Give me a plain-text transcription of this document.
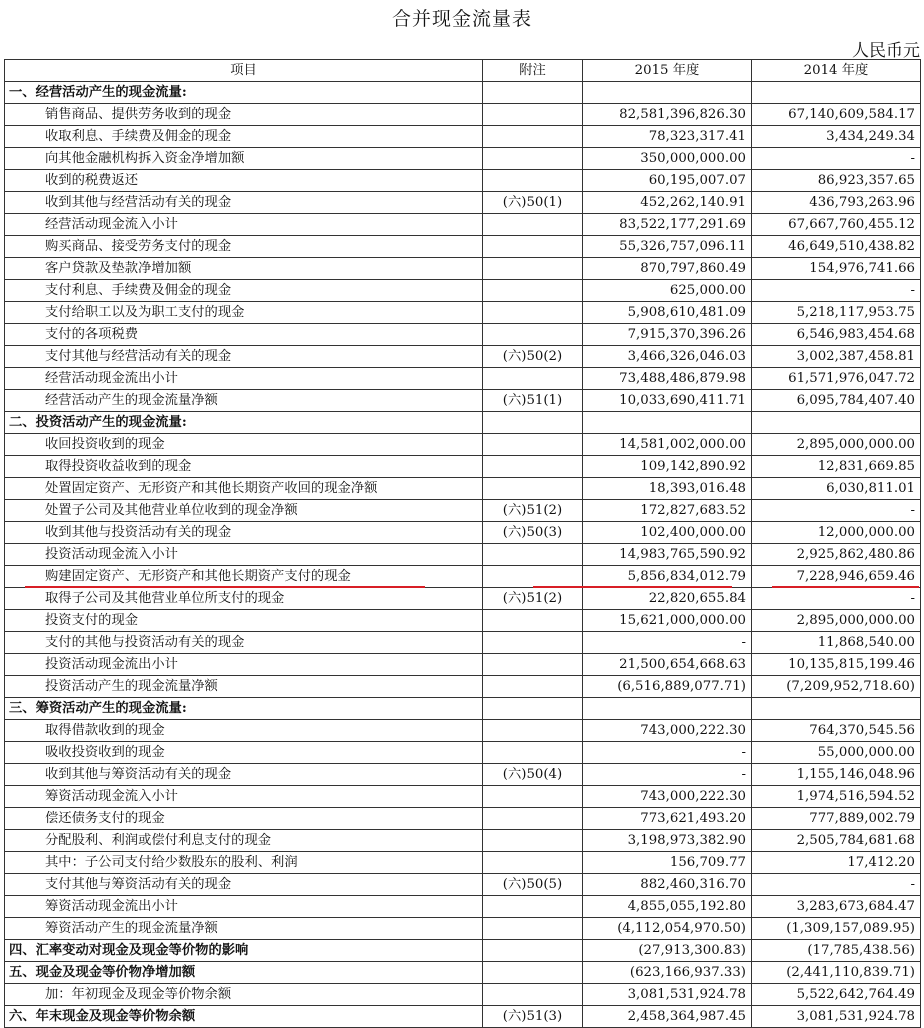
合并现金流量表
人民币元
项目	附注	2015 年度	2014 年度
一、经营活动产生的现金流量:			
销售商品、提供劳务收到的现金		82,581,396,826.30	67,140,609,584.17
收取利息、手续费及佣金的现金		78,323,317.41	3,434,249.34
向其他金融机构拆入资金净增加额		350,000,000.00	-
收到的税费返还		60,195,007.07	86,923,357.65
收到其他与经营活动有关的现金	(六)50(1)	452,262,140.91	436,793,263.96
经营活动现金流入小计		83,522,177,291.69	67,667,760,455.12
购买商品、接受劳务支付的现金		55,326,757,096.11	46,649,510,438.82
客户贷款及垫款净增加额		870,797,860.49	154,976,741.66
支付利息、手续费及佣金的现金		625,000.00	-
支付给职工以及为职工支付的现金		5,908,610,481.09	5,218,117,953.75
支付的各项税费		7,915,370,396.26	6,546,983,454.68
支付其他与经营活动有关的现金	(六)50(2)	3,466,326,046.03	3,002,387,458.81
经营活动现金流出小计		73,488,486,879.98	61,571,976,047.72
经营活动产生的现金流量净额	(六)51(1)	10,033,690,411.71	6,095,784,407.40
二、投资活动产生的现金流量:			
收回投资收到的现金		14,581,002,000.00	2,895,000,000.00
取得投资收益收到的现金		109,142,890.92	12,831,669.85
处置固定资产、无形资产和其他长期资产收回的现金净额		18,393,016.48	6,030,811.01
处置子公司及其他营业单位收到的现金净额	(六)51(2)	172,827,683.52	-
收到其他与投资活动有关的现金	(六)50(3)	102,400,000.00	12,000,000.00
投资活动现金流入小计		14,983,765,590.92	2,925,862,480.86
购建固定资产、无形资产和其他长期资产支付的现金		5,856,834,012.79	7,228,946,659.46
取得子公司及其他营业单位所支付的现金	(六)51(2)	22,820,655.84	-
投资支付的现金		15,621,000,000.00	2,895,000,000.00
支付的其他与投资活动有关的现金		-	11,868,540.00
投资活动现金流出小计		21,500,654,668.63	10,135,815,199.46
投资活动产生的现金流量净额		(6,516,889,077.71)	(7,209,952,718.60)
三、筹资活动产生的现金流量:			
取得借款收到的现金		743,000,222.30	764,370,545.56
吸收投资收到的现金		-	55,000,000.00
收到其他与筹资活动有关的现金	(六)50(4)	-	1,155,146,048.96
筹资活动现金流入小计		743,000,222.30	1,974,516,594.52
偿还债务支付的现金		773,621,493.20	777,889,002.79
分配股利、利润或偿付利息支付的现金		3,198,973,382.90	2,505,784,681.68
其中：子公司支付给少数股东的股利、利润		156,709.77	17,412.20
支付其他与筹资活动有关的现金	(六)50(5)	882,460,316.70	-
筹资活动现金流出小计		4,855,055,192.80	3,283,673,684.47
筹资活动产生的现金流量净额		(4,112,054,970.50)	(1,309,157,089.95)
四、汇率变动对现金及现金等价物的影响		(27,913,300.83)	(17,785,438.56)
五、现金及现金等价物净增加额		(623,166,937.33)	(2,441,110,839.71)
加：年初现金及现金等价物余额		3,081,531,924.78	5,522,642,764.49
六、年末现金及现金等价物余额	(六)51(3)	2,458,364,987.45	3,081,531,924.78
